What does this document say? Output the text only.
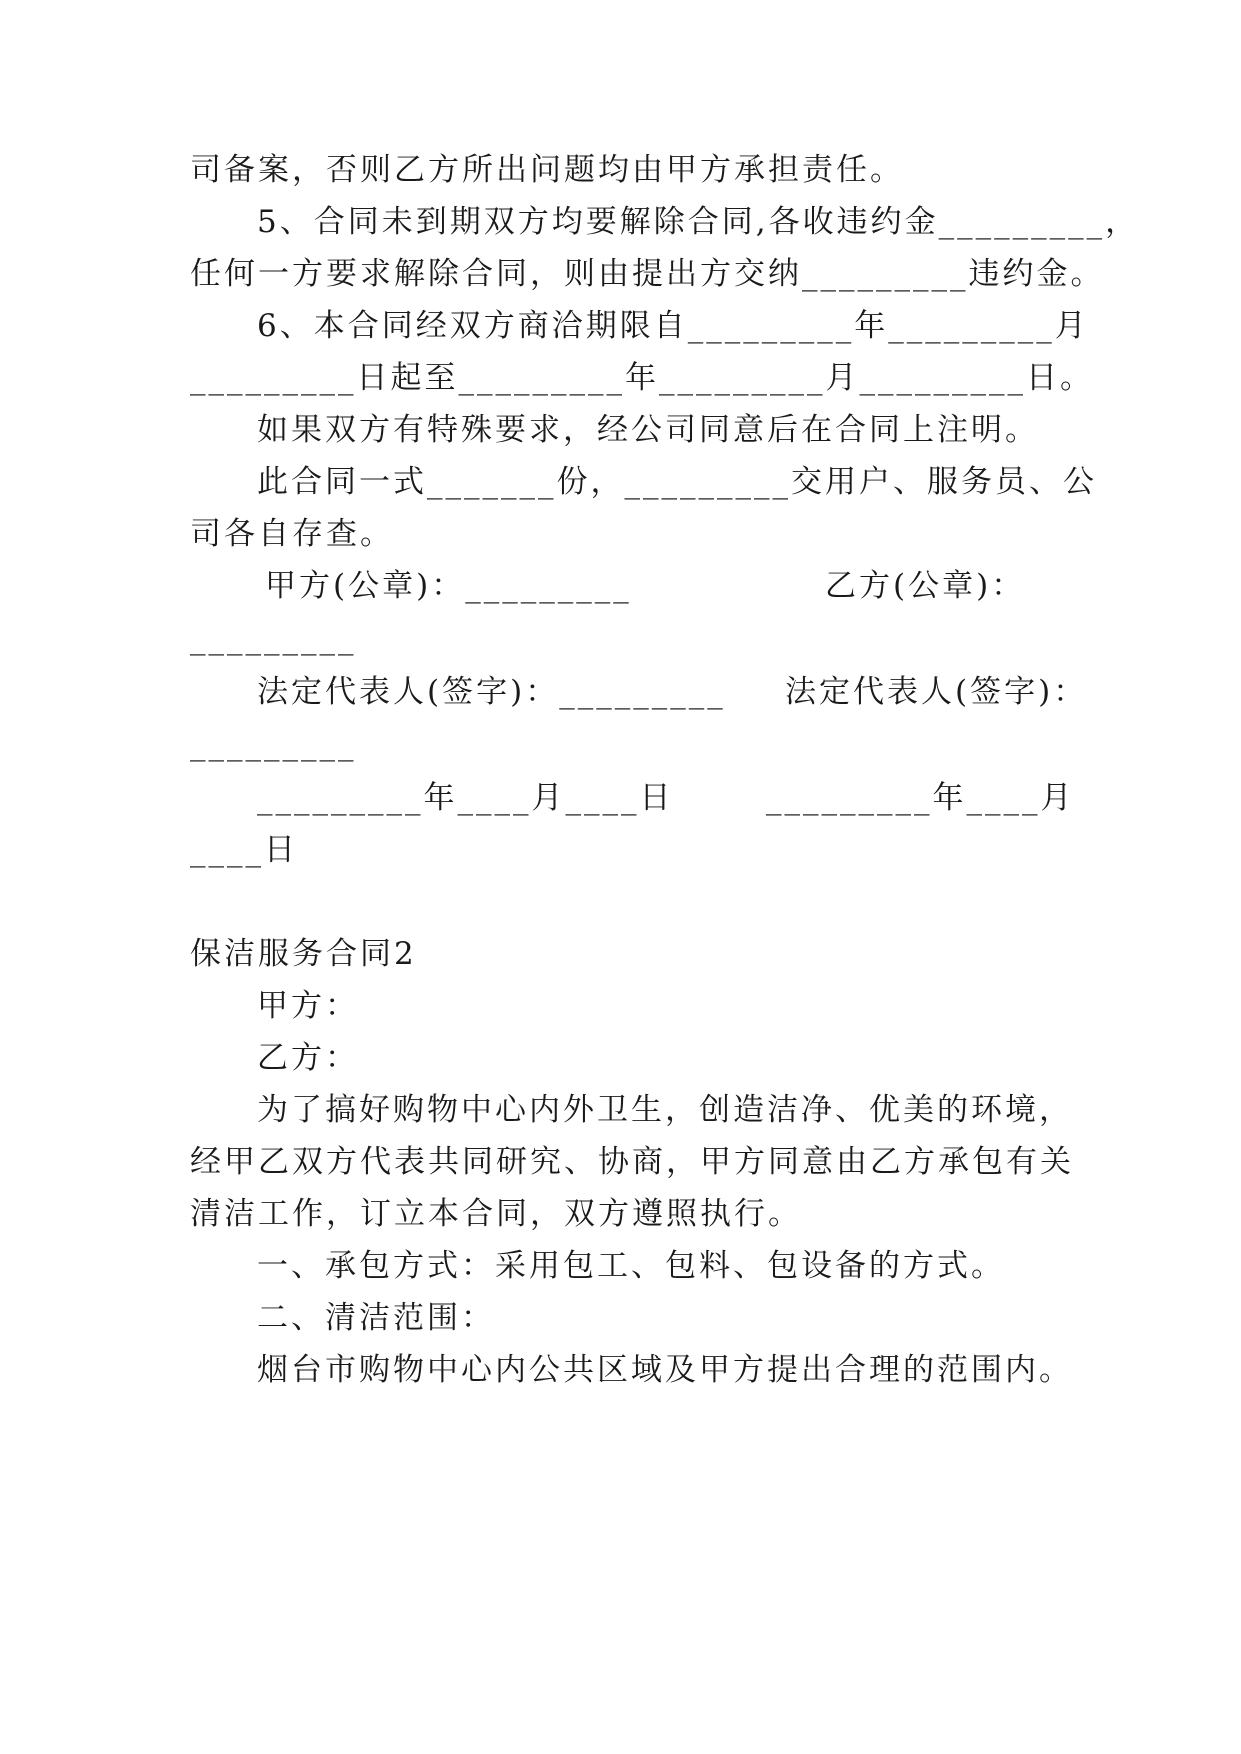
司备案，否则乙方所出问题均由甲方承担责任。
5、合同未到期双方均要解除合同,各收违约金_________，
任何一方要求解除合同，则由提出方交纳_________违约金。
6、本合同经双方商洽期限自_________年_________月
_________日起至_________年_________月_________日。
如果双方有特殊要求，经公司同意后在合同上注明。
此合同一式_______份，_________交用户、服务员、公
司各自存查。
甲方(公章)：_________	乙方(公章)：
_________
法定代表人(签字)：_________ 法定代表人(签字)：
_________
_________年____月____日	_________年____月
____日
保洁服务合同2
甲方：
乙方：
为了搞好购物中心内外卫生，创造洁净、优美的环境，
经甲乙双方代表共同研究、协商，甲方同意由乙方承包有关
清洁工作，订立本合同，双方遵照执行。
一、承包方式：采用包工、包料、包设备的方式。
二、清洁范围：
烟台市购物中心内公共区域及甲方提出合理的范围内。
